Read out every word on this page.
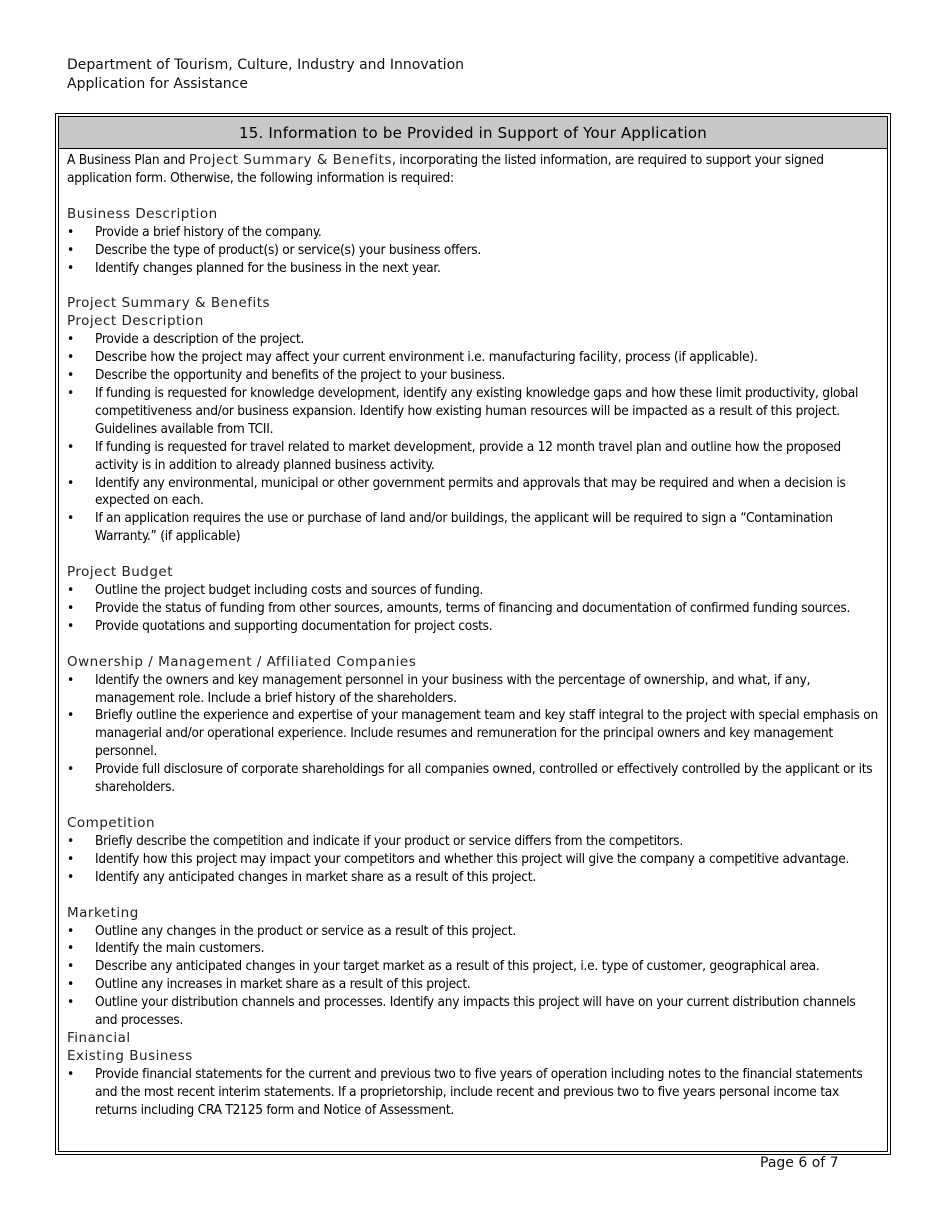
Department of Tourism, Culture, Industry and Innovation
Application for Assistance
15. Information to be Provided in Support of Your Application

A Business Plan and Project Summary & Benefits, incorporating the listed information, are required to support your signed application form. Otherwise, the following information is required:

Business Description
• Provide a brief history of the company.
• Describe the type of product(s) or service(s) your business offers.
• Identify changes planned for the business in the next year.
Project Summary & Benefits
Project Description
• Provide a description of the project.
• Describe how the project may affect your current environment i.e. manufacturing facility, process (if applicable).
• Describe the opportunity and benefits of the project to your business.
• If funding is requested for knowledge development, identify any existing knowledge gaps and how these limit productivity, global competitiveness and/or business expansion. Identify how existing human resources will be impacted as a result of this project. Guidelines available from TCII.
• If funding is requested for travel related to market development, provide a 12 month travel plan and outline how the proposed activity is in addition to already planned business activity.
• Identify any environmental, municipal or other government permits and approvals that may be required and when a decision is expected on each.
• If an application requires the use or purchase of land and/or buildings, the applicant will be required to sign a “Contamination Warranty.” (if applicable)
Project Budget
• Outline the project budget including costs and sources of funding.
• Provide the status of funding from other sources, amounts, terms of financing and documentation of confirmed funding sources.
• Provide quotations and supporting documentation for project costs.
Ownership / Management / Affiliated Companies
• Identify the owners and key management personnel in your business with the percentage of ownership, and what, if any, management role. Include a brief history of the shareholders.
• Briefly outline the experience and expertise of your management team and key staff integral to the project with special emphasis on managerial and/or operational experience. Include resumes and remuneration for the principal owners and key management personnel.
• Provide full disclosure of corporate shareholdings for all companies owned, controlled or effectively controlled by the applicant or its shareholders.
Competition
• Briefly describe the competition and indicate if your product or service differs from the competitors.
• Identify how this project may impact your competitors and whether this project will give the company a competitive advantage.
• Identify any anticipated changes in market share as a result of this project.
Marketing
• Outline any changes in the product or service as a result of this project.
• Identify the main customers.
• Describe any anticipated changes in your target market as a result of this project, i.e. type of customer, geographical area.
• Outline any increases in market share as a result of this project.
• Outline your distribution channels and processes. Identify any impacts this project will have on your current distribution channels and processes.
Financial
Existing Business
• Provide financial statements for the current and previous two to five years of operation including notes to the financial statements and the most recent interim statements. If a proprietorship, include recent and previous two to five years personal income tax returns including CRA T2125 form and Notice of Assessment.
Page 6 of 7
